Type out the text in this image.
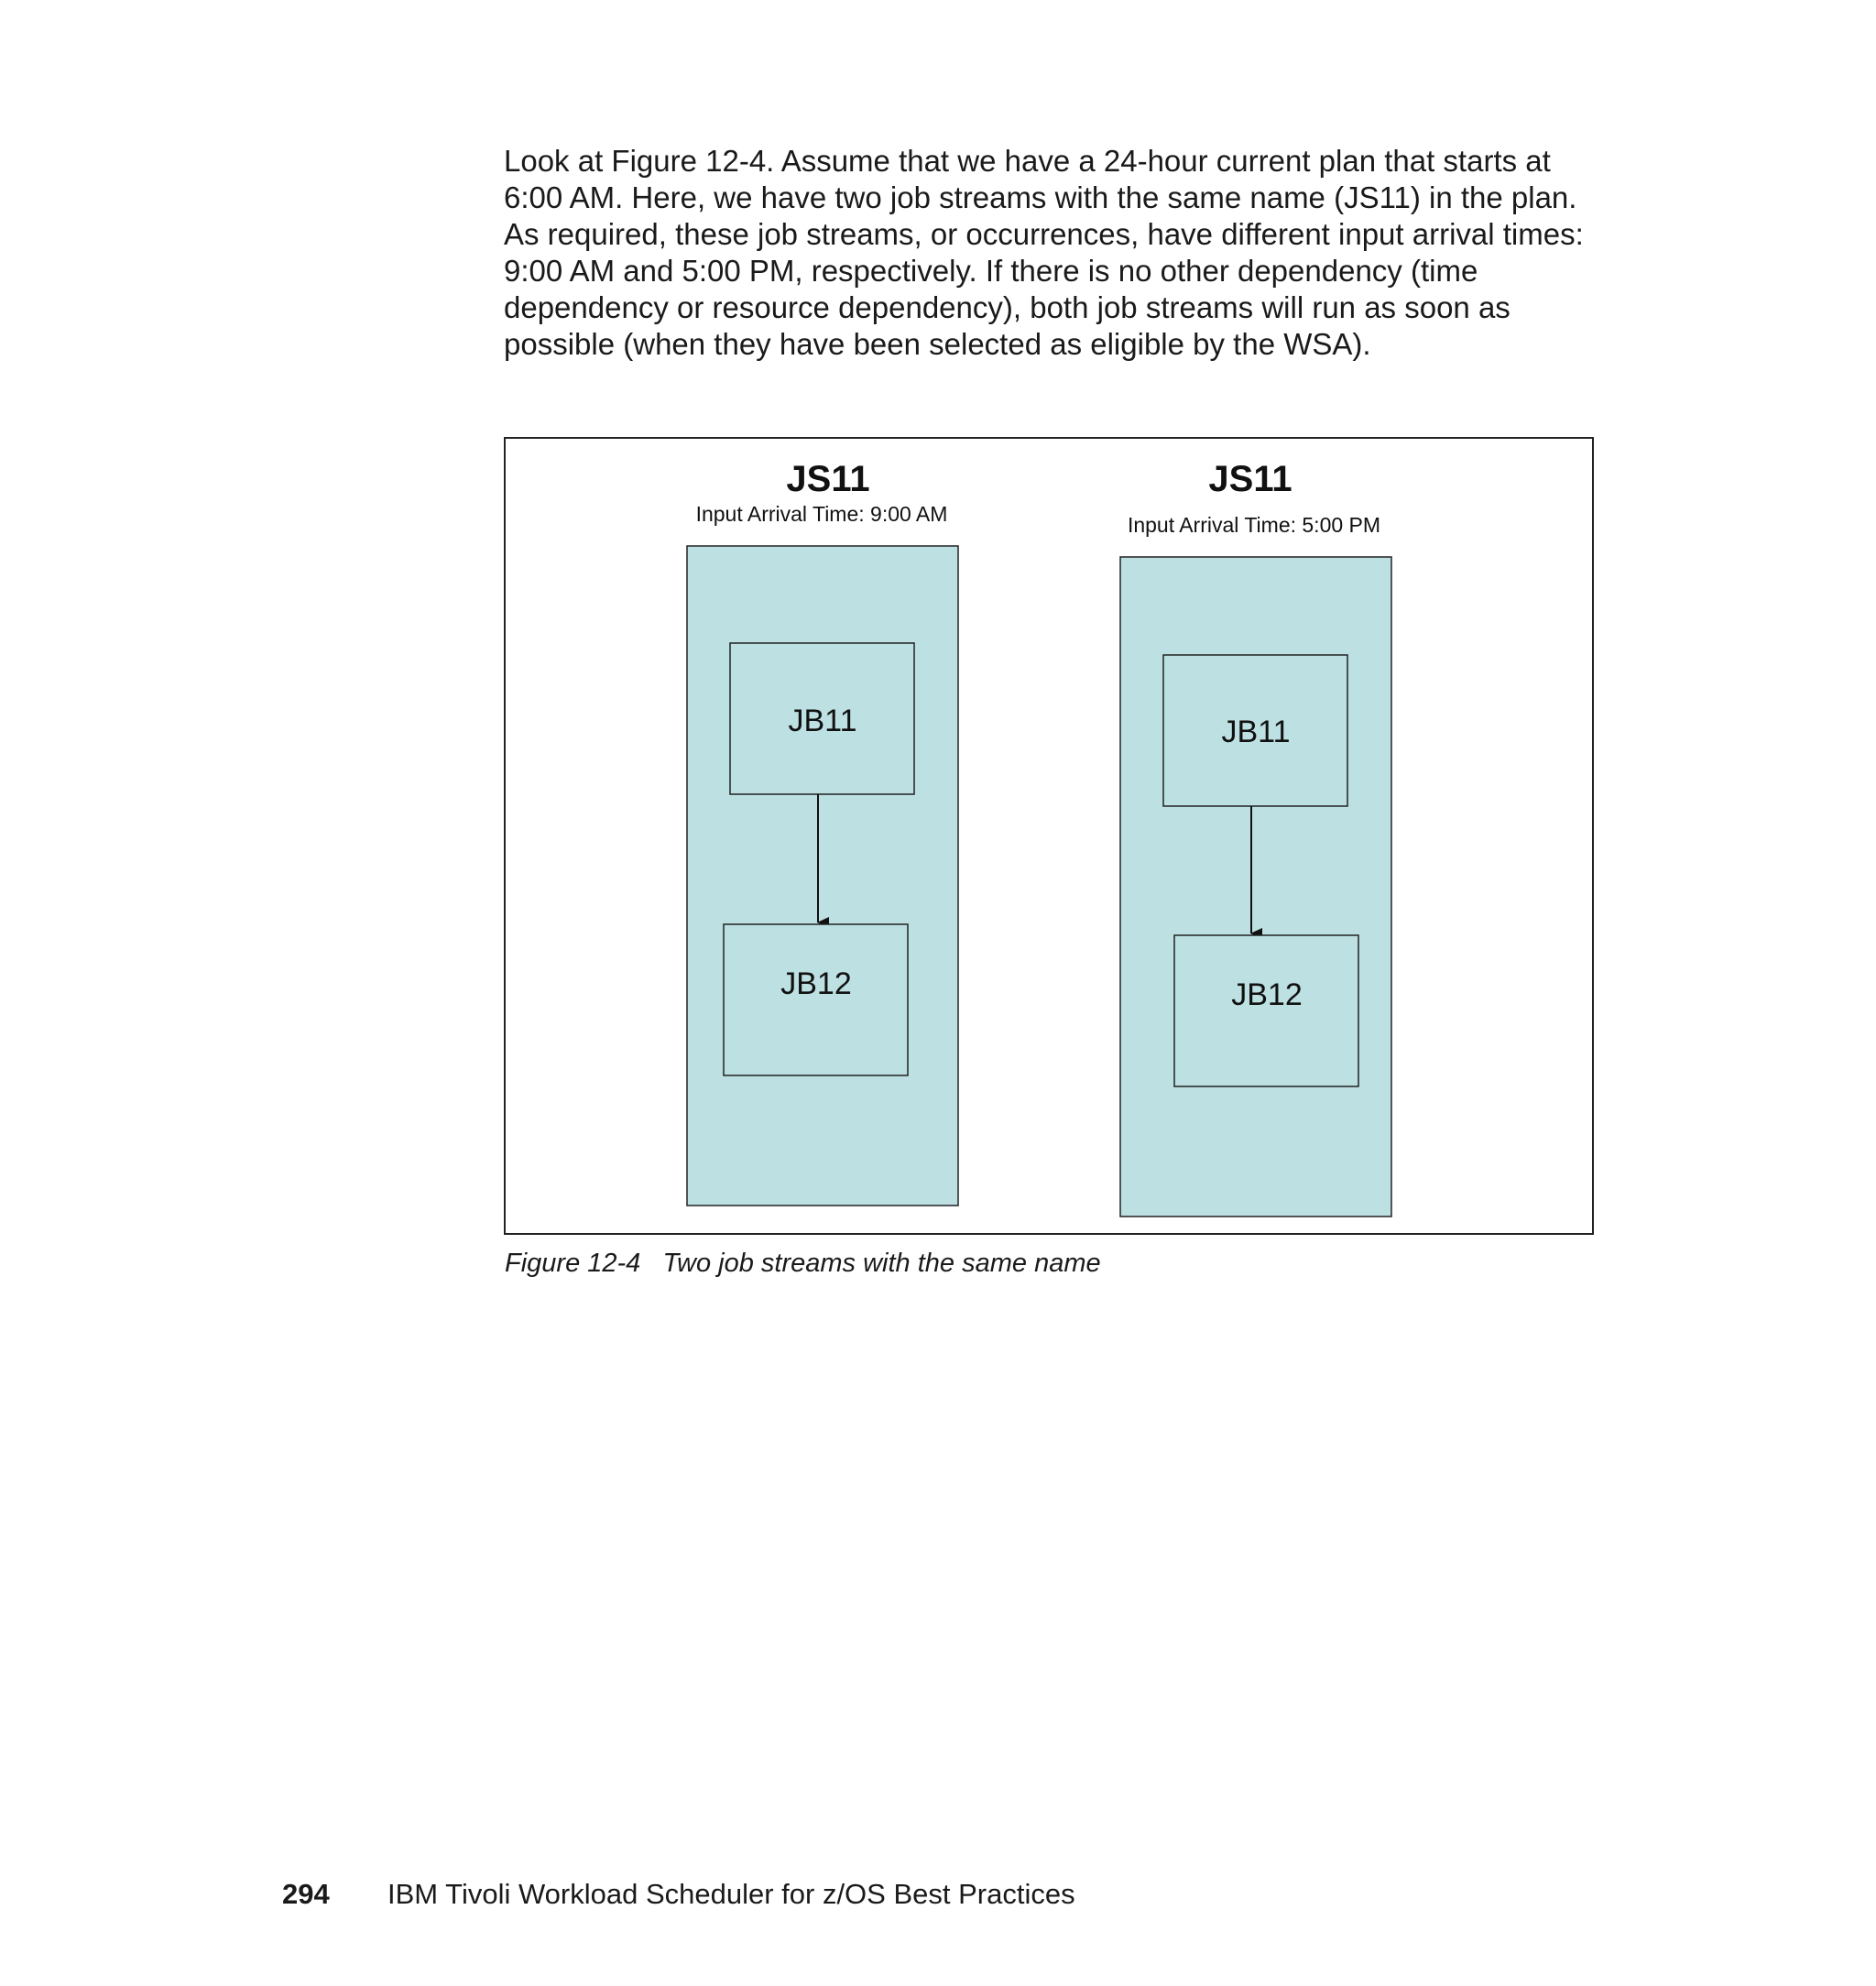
Look at Figure 12-4. Assume that we have a 24-hour current plan that starts at
6:00 AM. Here, we have two job streams with the same name (JS11) in the plan.
As required, these job streams, or occurrences, have different input arrival times:
9:00 AM and 5:00 PM, respectively. If there is no other dependency (time
dependency or resource dependency), both job streams will run as soon as
possible (when they have been selected as eligible by the WSA).

JS11
Input Arrival Time: 9:00 AM
JB11
JB12
JS11
Input Arrival Time: 5:00 PM
JB11
JB12

Figure 12-4   Two job streams with the same name

294 IBM Tivoli Workload Scheduler for z/OS Best Practices
